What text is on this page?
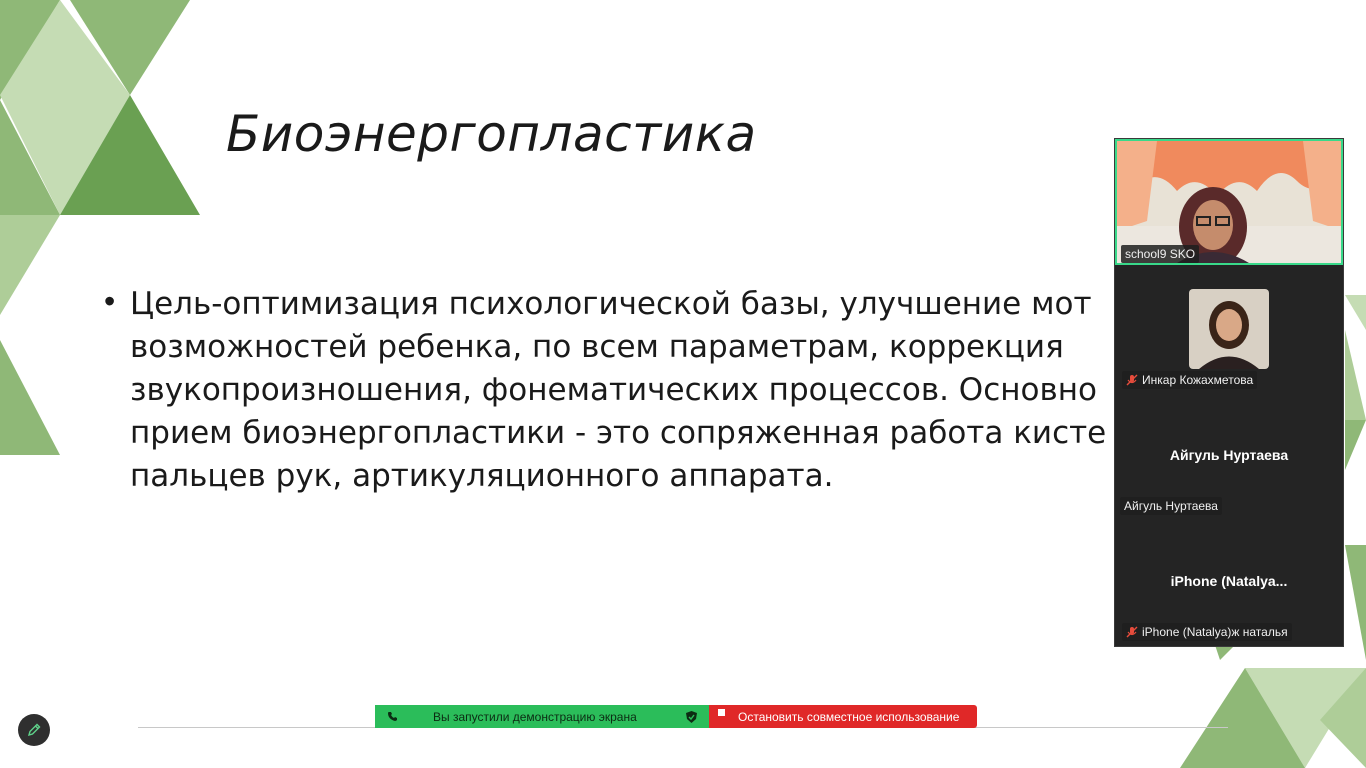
Биоэнергопластика
• Цель-оптимизация психологической базы, улучшение мот
возможностей ребенка, по всем параметрам, коррекция
звукопроизношения, фонематических процессов. Основно
прием биоэнергопластики - это сопряженная работа кисте
пальцев рук, артикуляционного аппарата.
school9 SKO
Инкар Кожахметова
Айгуль Нуртаева
Айгуль Нуртаева
iPhone (Natalya...
iPhone (Natalya)ж наталья
Вы запустили демонстрацию экрана	Остановить совместное использование
